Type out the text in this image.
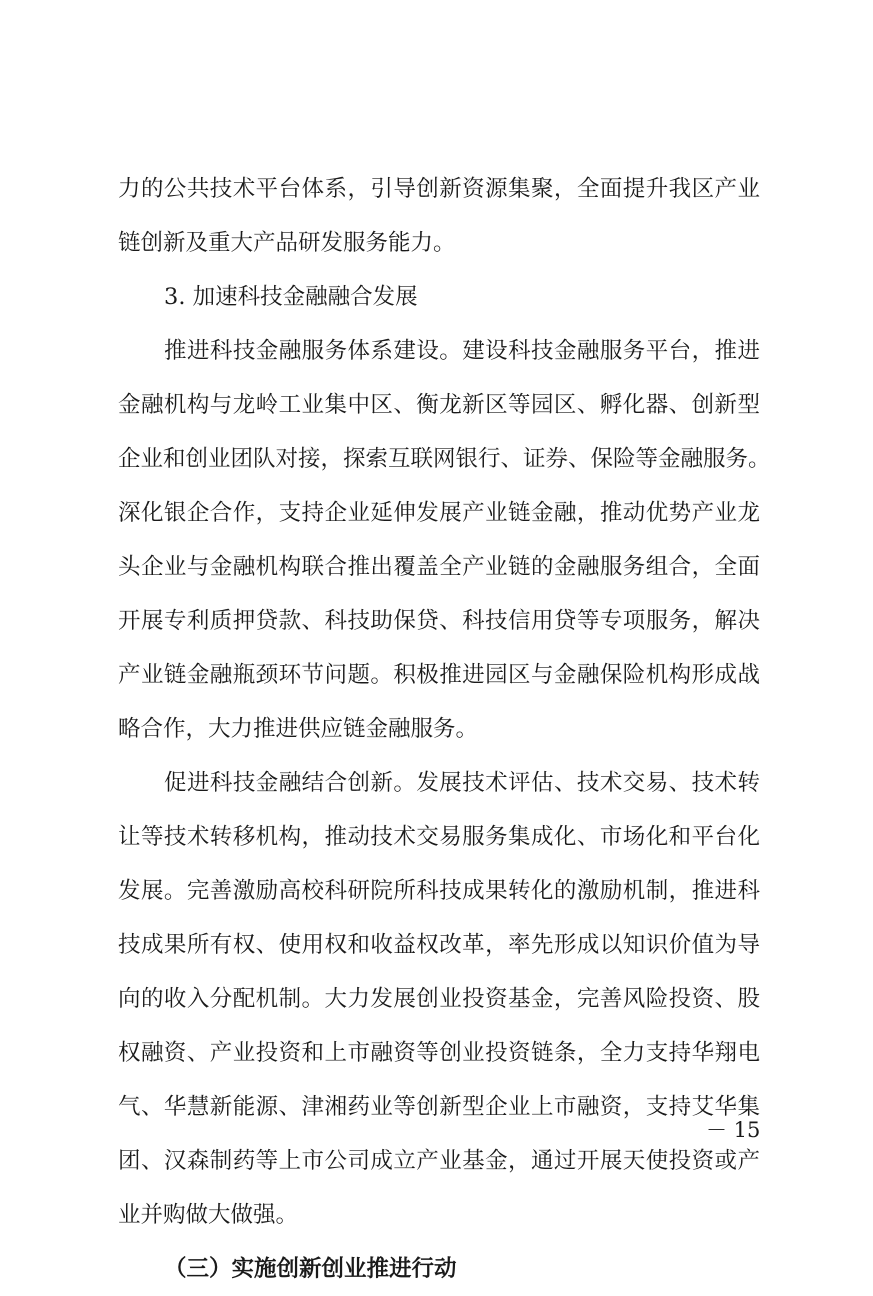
力的公共技术平台体系，引导创新资源集聚，全面提升我区产业
链创新及重大产品研发服务能力。
3. 加速科技金融融合发展
推进科技金融服务体系建设。建设科技金融服务平台，推进
金融机构与龙岭工业集中区、衡龙新区等园区、孵化器、创新型
企业和创业团队对接，探索互联网银行、证券、保险等金融服务。
深化银企合作，支持企业延伸发展产业链金融，推动优势产业龙
头企业与金融机构联合推出覆盖全产业链的金融服务组合，全面
开展专利质押贷款、科技助保贷、科技信用贷等专项服务，解决
产业链金融瓶颈环节问题。积极推进园区与金融保险机构形成战
略合作，大力推进供应链金融服务。
促进科技金融结合创新。发展技术评估、技术交易、技术转
让等技术转移机构，推动技术交易服务集成化、市场化和平台化
发展。完善激励高校科研院所科技成果转化的激励机制，推进科
技成果所有权、使用权和收益权改革，率先形成以知识价值为导
向的收入分配机制。大力发展创业投资基金，完善风险投资、股
权融资、产业投资和上市融资等创业投资链条，全力支持华翔电
气、华慧新能源、津湘药业等创新型企业上市融资，支持艾华集
团、汉森制药等上市公司成立产业基金，通过开展天使投资或产
业并购做大做强。
（三）实施创新创业推进行动
－ 15
